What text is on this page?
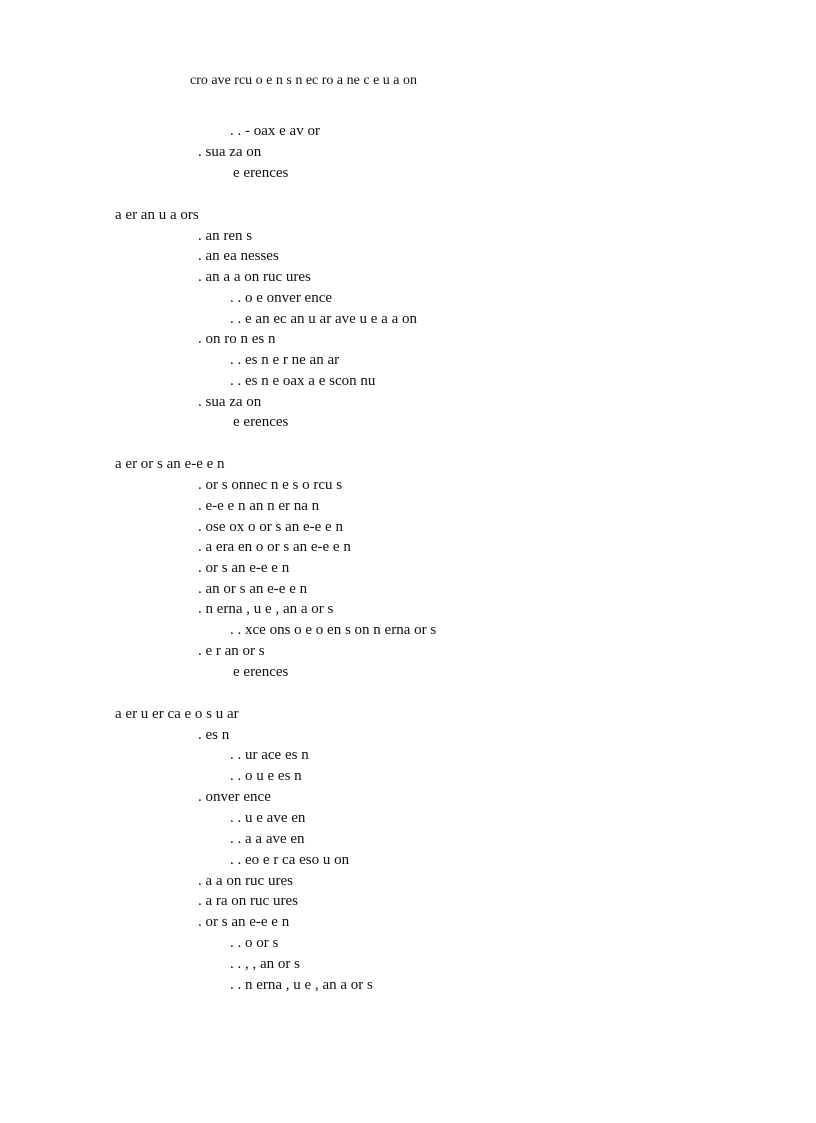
cro ave rcu o e n s n ec ro a ne c e u a on
. . - oax e av or
. sua za on
e erences
a er an u a ors
. an ren s
. an ea nesses
. an a a on ruc ures
. . o e onver ence
. . e an ec an u ar ave u e a a on
. on ro n es n
. . es n e r ne an ar
. . es n e oax a e scon nu
. sua za on
e erences
a er or s an e-e e n
. or s onnec n e s o rcu s
. e-e e n an n er na n
. ose ox o or s an e-e e n
. a era en o or s an e-e e n
. or s an e-e e n
. an or s an e-e e n
. n erna , u e , an a or s
. . xce ons o e o en s on n erna or s
. e r an or s
e erences
a er u er ca e o s u ar
. es n
. . ur ace es n
. . o u e es n
. onver ence
. . u e ave en
. . a a ave en
. . eo e r ca eso u on
. a a on ruc ures
. a ra on ruc ures
. or s an e-e e n
. . o or s
. . , , an or s
. . n erna , u e , an a or s
